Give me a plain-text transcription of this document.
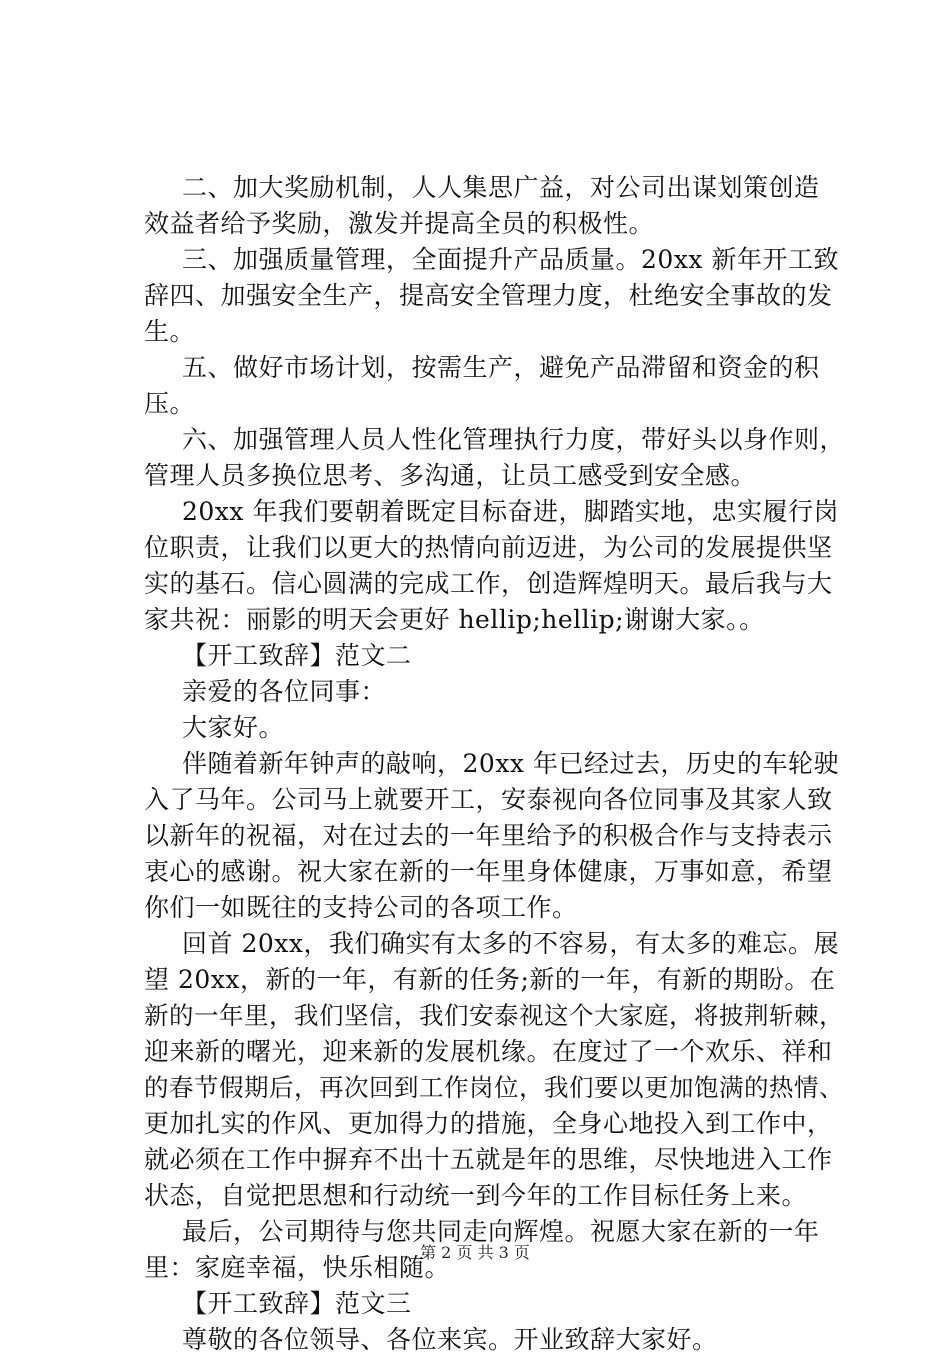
二、加大奖励机制，人人集思广益，对公司出谋划策创造
效益者给予奖励，激发并提高全员的积极性。
三、加强质量管理，全面提升产品质量。20xx 新年开工致
辞四、加强安全生产，提高安全管理力度，杜绝安全事故的发
生。
五、做好市场计划，按需生产，避免产品滞留和资金的积
压。
六、加强管理人员人性化管理执行力度，带好头以身作则，
管理人员多换位思考、多沟通，让员工感受到安全感。
20xx 年我们要朝着既定目标奋进，脚踏实地，忠实履行岗
位职责，让我们以更大的热情向前迈进，为公司的发展提供坚
实的基石。信心圆满的完成工作，创造辉煌明天。最后我与大
家共祝：丽影的明天会更好 hellip;hellip;谢谢大家。。
【开工致辞】范文二
亲爱的各位同事：
大家好。
伴随着新年钟声的敲响，20xx 年已经过去，历史的车轮驶
入了马年。公司马上就要开工，安泰视向各位同事及其家人致
以新年的祝福，对在过去的一年里给予的积极合作与支持表示
衷心的感谢。祝大家在新的一年里身体健康，万事如意，希望
你们一如既往的支持公司的各项工作。
回首 20xx，我们确实有太多的不容易，有太多的难忘。展
望 20xx，新的一年，有新的任务;新的一年，有新的期盼。在
新的一年里，我们坚信，我们安泰视这个大家庭，将披荆斩棘，
迎来新的曙光，迎来新的发展机缘。在度过了一个欢乐、祥和
的春节假期后，再次回到工作岗位，我们要以更加饱满的热情、
更加扎实的作风、更加得力的措施，全身心地投入到工作中，
就必须在工作中摒弃不出十五就是年的思维，尽快地进入工作
状态，自觉把思想和行动统一到今年的工作目标任务上来。
最后，公司期待与您共同走向辉煌。祝愿大家在新的一年
里：家庭幸福，快乐相随。
【开工致辞】范文三
尊敬的各位领导、各位来宾。开业致辞大家好。
第 2 页 共 3 页
